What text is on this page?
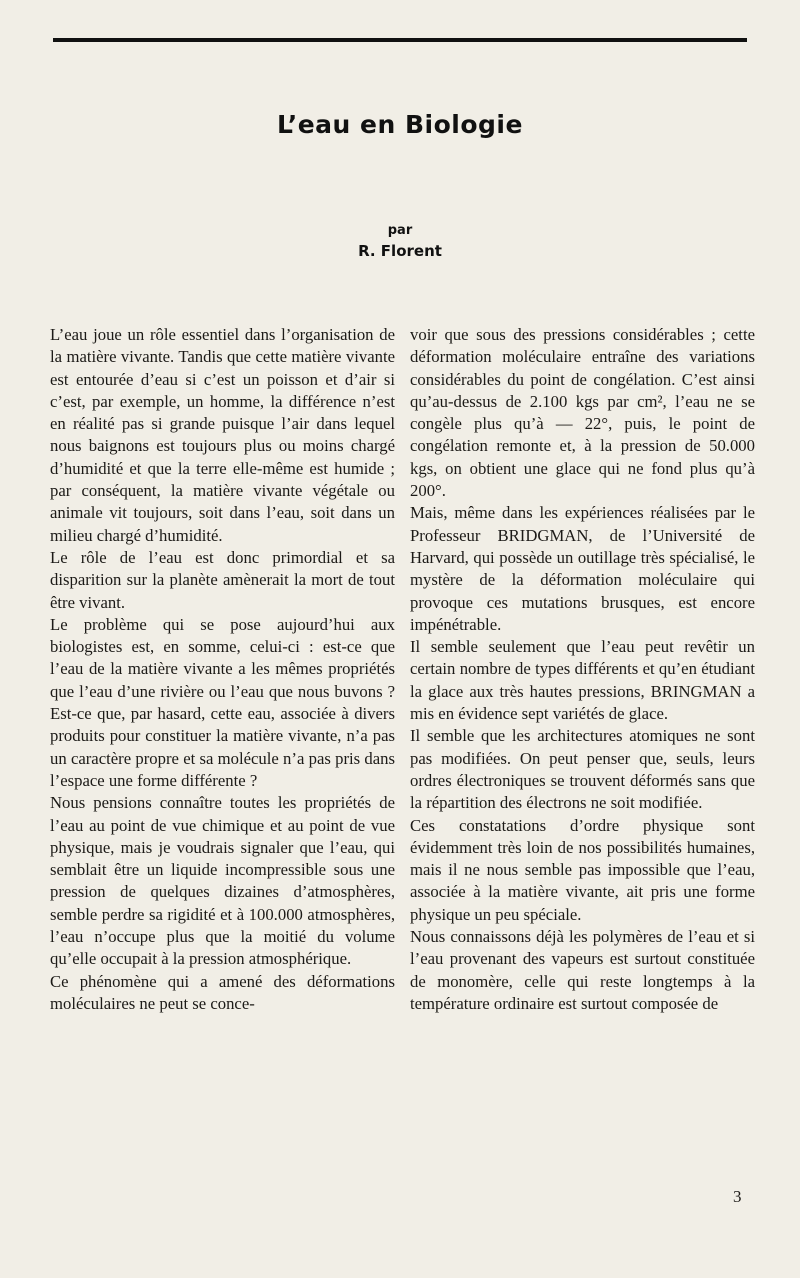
L’eau en Biologie
par
R. Florent

L’eau joue un rôle essentiel dans l’organisation de la matière vivante. Tandis que cette matière vivante est entourée d’eau si c’est un poisson et d’air si c’est, par exemple, un homme, la différence n’est en réalité pas si grande puisque l’air dans lequel nous baignons est toujours plus ou moins chargé d’humidité et que la terre elle-même est humide ; par conséquent, la matière vivante végétale ou animale vit toujours, soit dans l’eau, soit dans un milieu chargé d’humidité.

Le rôle de l’eau est donc primordial et sa disparition sur la planète amènerait la mort de tout être vivant.

Le problème qui se pose aujourd’hui aux biologistes est, en somme, celui-ci : est-ce que l’eau de la matière vivante a les mêmes propriétés que l’eau d’une rivière ou l’eau que nous buvons ? Est-ce que, par hasard, cette eau, associée à divers produits pour constituer la matière vivante, n’a pas un caractère propre et sa molécule n’a pas pris dans l’espace une forme différente ?

Nous pensions connaître toutes les propriétés de l’eau au point de vue chimique et au point de vue physique, mais je voudrais signaler que l’eau, qui semblait être un liquide incompressible sous une pression de quelques dizaines d’atmosphères, semble perdre sa rigidité et à 100.000 atmosphères, l’eau n’occupe plus que la moitié du volume qu’elle occupait à la pression atmosphérique.

Ce phénomène qui a amené des déformations moléculaires ne peut se conce-

voir que sous des pressions considérables ; cette déformation moléculaire entraîne des variations considérables du point de congélation. C’est ainsi qu’au-dessus de 2.100 kgs par cm², l’eau ne se congèle plus qu’à — 22°, puis, le point de congélation remonte et, à la pression de 50.000 kgs, on obtient une glace qui ne fond plus qu’à 200°.

Mais, même dans les expériences réalisées par le Professeur BRIDGMAN, de l’Université de Harvard, qui possède un outillage très spécialisé, le mystère de la déformation moléculaire qui provoque ces mutations brusques, est encore impénétrable.

Il semble seulement que l’eau peut revêtir un certain nombre de types différents et qu’en étudiant la glace aux très hautes pressions, BRINGMAN a mis en évidence sept variétés de glace.

Il semble que les architectures atomiques ne sont pas modifiées. On peut penser que, seuls, leurs ordres électroniques se trouvent déformés sans que la répartition des électrons ne soit modifiée.

Ces constatations d’ordre physique sont évidemment très loin de nos possibilités humaines, mais il ne nous semble pas impossible que l’eau, associée à la matière vivante, ait pris une forme physique un peu spéciale.

Nous connaissons déjà les polymères de l’eau et si l’eau provenant des vapeurs est surtout constituée de monomère, celle qui reste longtemps à la température ordinaire est surtout composée de

3
